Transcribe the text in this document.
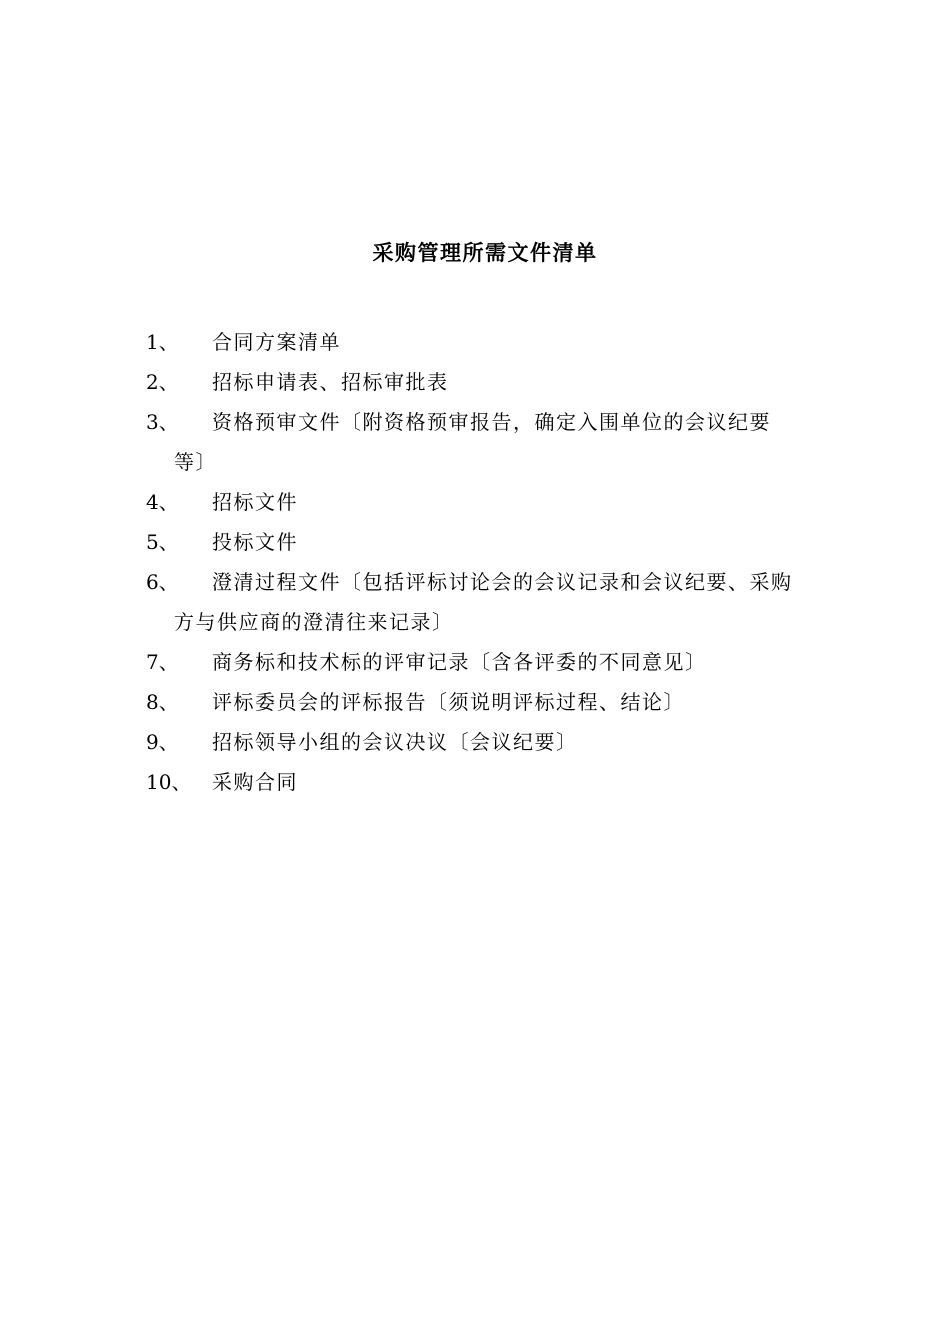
采购管理所需文件清单
1、 合同方案清单
2、 招标申请表、招标审批表
3、 资格预审文件〔附资格预审报告，确定入围单位的会议纪要
等〕
4、 招标文件
5、 投标文件
6、 澄清过程文件〔包括评标讨论会的会议记录和会议纪要、采购
方与供应商的澄清往来记录〕
7、 商务标和技术标的评审记录〔含各评委的不同意见〕
8、 评标委员会的评标报告〔须说明评标过程、结论〕
9、 招标领导小组的会议决议〔会议纪要〕
10、 采购合同
